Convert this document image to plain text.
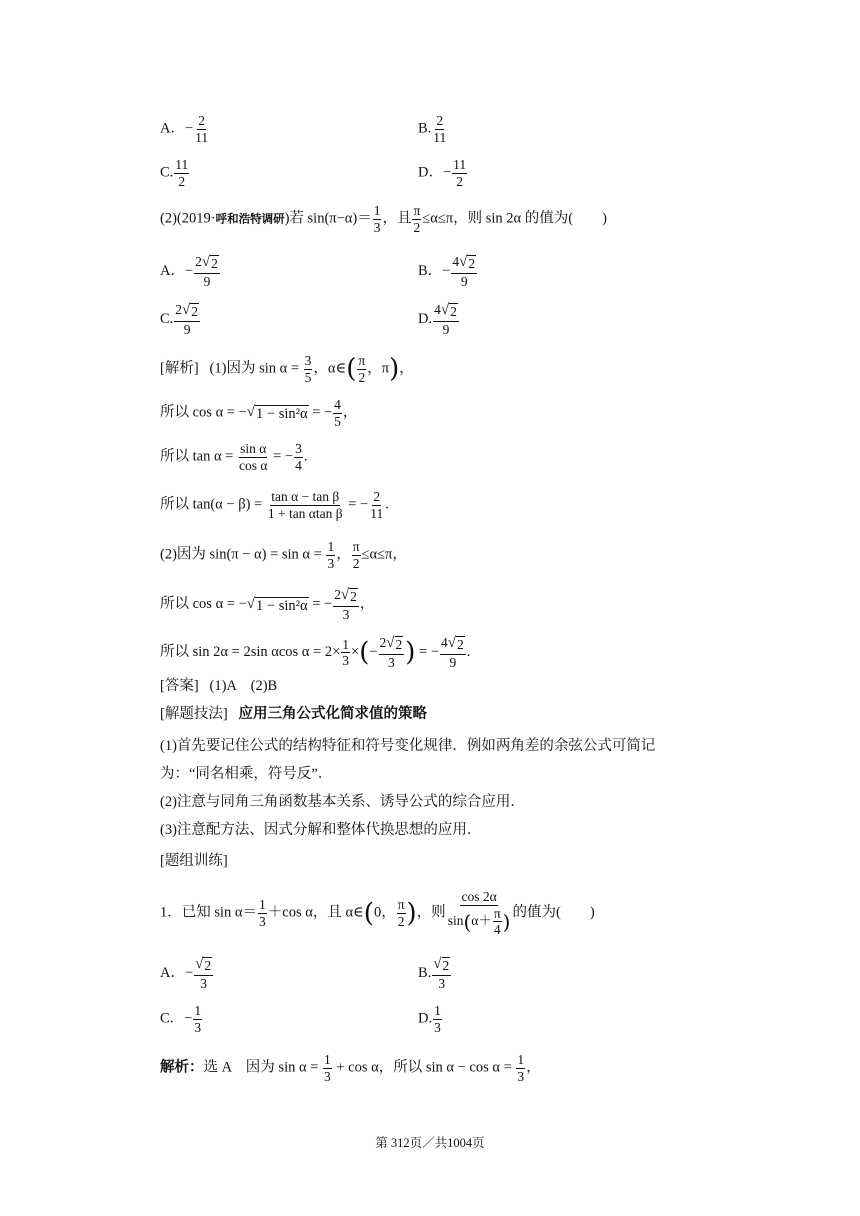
A．− $\frac{2}{11}$	B. $\frac{2}{11}$
C. $\frac{11}{2}$	D．− $\frac{11}{2}$
(2)(2019·呼和浩特调研)若 $\sin(\pi-\alpha)= \frac{1}{3}$ ，且 $\frac{\pi}{2} \le\alpha\le\pi$，则 sin 2α 的值为(　　)
A．− $\frac{2 √ 2}{9}$	B．− $\frac{4 √ 2}{9}$
C. $\frac{2 √ 2}{9}$	D. $\frac{4 √ 2}{9}$
[解析] (1)因为 $\sin \alpha = \frac{3}{5}$ ，α∈( $\frac{\pi}{2}$ ，π)，
所以 cos α = − √ 1 − sin²α = − $\frac{4}{5}$ ，
所以 $\tan \alpha = \frac{\text{sin α}}{\text{cos α}}$ = − $\frac{3}{4}$ .
所以 $\tan(\alpha - \beta) = \frac{\text{tan α − tan β}}{\text{1 + tan αtan β}}$ = − $\frac{2}{11}$ .
(2)因为 $\sin(\pi - \alpha) = \sin \alpha = \frac{1}{3}$ ， $\frac{\pi}{2} \le\alpha\le\pi$，
所以 cos α = − √ 1 − sin²α = − $\frac{2 √ 2}{3}$ ，
所以 sin 2α = 2sin αcos $\alpha = 2\times \frac{1}{3}$ ×(− $\frac{2 √ 2}{3}$ ) = − $\frac{4 √ 2}{9}$ .
[答案] (1)A　(2)B
[解题技法] 应用三角公式化简求值的策略
(1)首先要记住公式的结构特征和符号变化规律．例如两角差的余弦公式可简记为：“同名相乘，符号反”．
(2)注意与同角三角函数基本关系、诱导公式的综合应用．
(3)注意配方法、因式分解和整体代换思想的应用．
[题组训练]
1．已知 $\sin \alpha= \frac{1}{3} +\cos$ α，且 α∈(0， $\frac{\pi}{2}$ )，则 $\frac{\cos 2\alpha}{\sin(\alpha+ \frac{\pi}{4} )}$ 的值为(　　)
A．− $\frac{√ 2}{3}$	B. $\frac{√ 2}{3}$
C．− $\frac{1}{3}$	D. $\frac{1}{3}$
解析：选 A　因为 $\sin \alpha = \frac{1}{3} + \cos \alpha$，所以 $\sin \alpha - \cos \alpha = \frac{1}{3}$ ，
第 312页／共1004页
